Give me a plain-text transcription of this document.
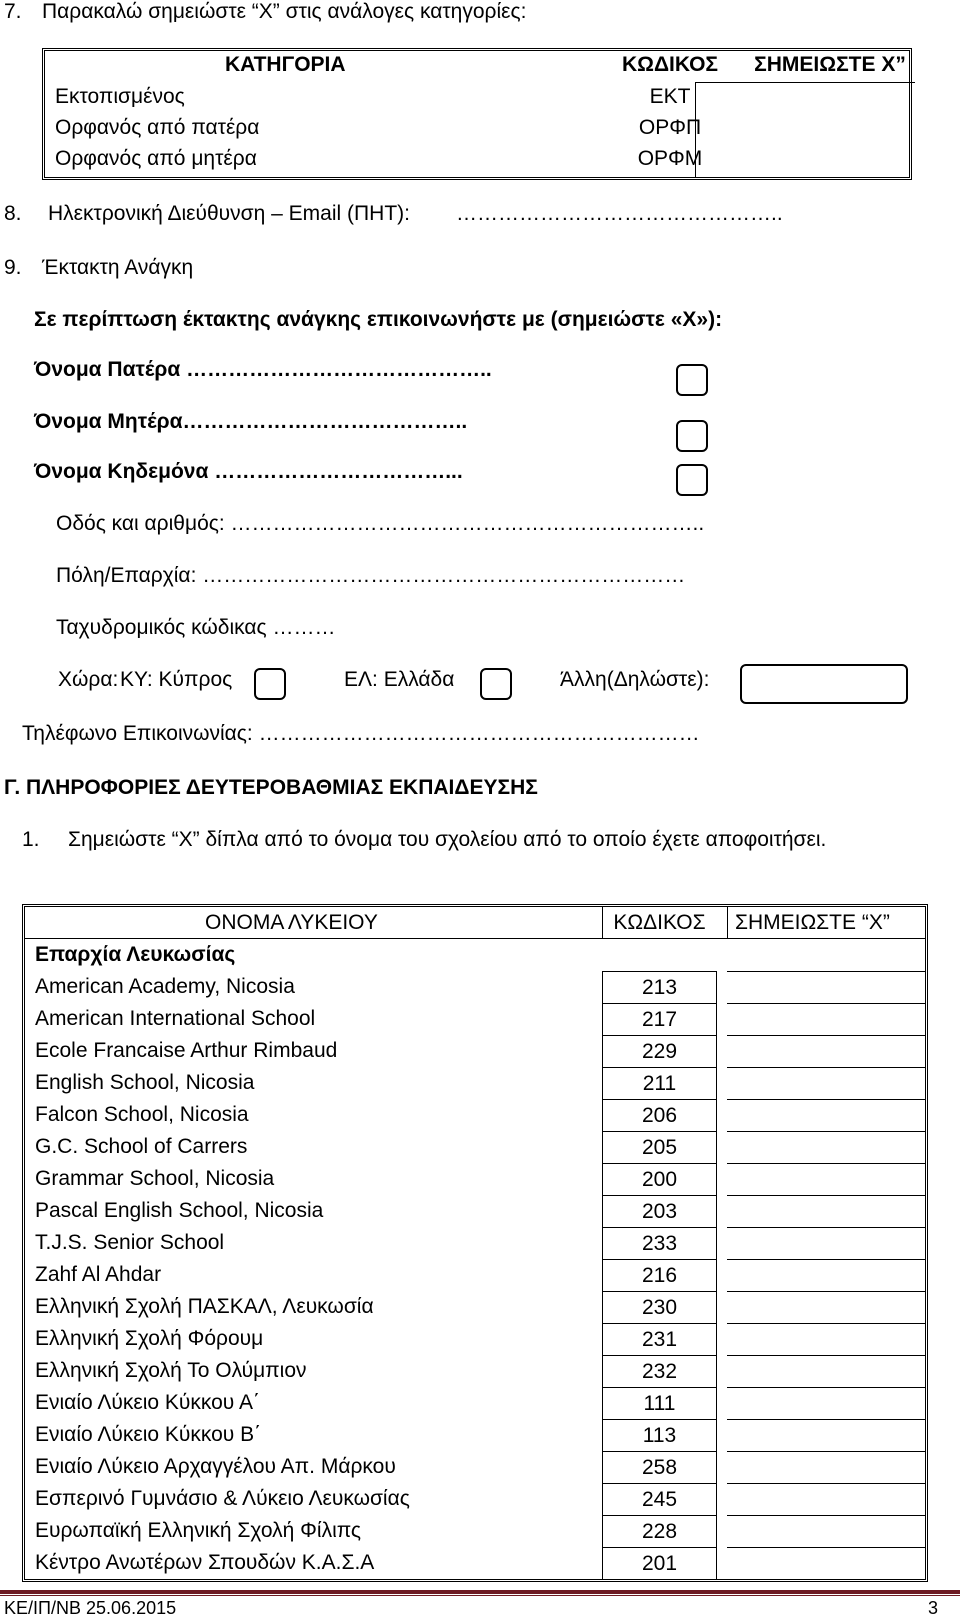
7. Παρακαλώ σημειώστε “Χ” στις ανάλογες κατηγορίες:
ΚΑΤΗΓΟΡΙΑ	ΚΩΔΙΚΟΣ	ΣΗΜΕΙΩΣΤΕ Χ”
Εκτοπισμένος	ΕΚΤ
Ορφανός από πατέρα	ΟΡΦΠ
Ορφανός από μητέρα	ΟΡΦΜ
8. Ηλεκτρονική Διεύθυνση – Email (ΠΗΤ): ………………………………………..
9. Έκτακτη Ανάγκη
Σε περίπτωση έκτακτης ανάγκης επικοινωνήστε με (σημειώστε «Χ»):
Όνομα Πατέρα ……………………………………..
Όνομα Μητέρα…………………………………..
Όνομα Κηδεμόνα ……………………………...
Οδός και αριθμός: …………………………………………………………..
Πόλη/Επαρχία: ……………………………………………………………
Ταχυδρομικός κώδικας ………
Χώρα: ΚΥ: Κύπρος	ΕΛ: Ελλάδα	Άλλη(Δηλώστε):
Τηλέφωνο Επικοινωνίας: ………………………………………………………
Γ. ΠΛΗΡΟΦΟΡΙΕΣ ΔΕΥΤΕΡΟΒΑΘΜΙΑΣ ΕΚΠΑΙΔΕΥΣΗΣ
1. Σημειώστε “Χ” δίπλα από το όνομα του σχολείου από το οποίο έχετε αποφοιτήσει.
ΟΝΟΜΑ ΛΥΚΕΙΟΥ	ΚΩΔΙΚΟΣ	ΣΗΜΕΙΩΣΤΕ “Χ”
Επαρχία Λευκωσίας
American Academy, Nicosia	213
American International School	217
Ecole Francaise Arthur Rimbaud	229
English School, Nicosia	211
Falcon School, Nicosia	206
G.C. School of Carrers	205
Grammar School, Nicosia	200
Pascal English School, Nicosia	203
T.J.S. Senior School	233
Zahf Al Ahdar	216
Ελληνική Σχολή ΠΑΣΚΑΛ, Λευκωσία	230
Ελληνική Σχολή Φόρουμ	231
Ελληνική Σχολή Το Ολύμπιον	232
Ενιαίο Λύκειο Κύκκου Α΄	111
Ενιαίο Λύκειο Κύκκου Β΄	113
Ενιαίο Λύκειο Αρχαγγέλου Απ. Μάρκου	258
Εσπερινό Γυμνάσιο & Λύκειο Λευκωσίας	245
Ευρωπαϊκή Ελληνική Σχολή Φίλιπς	228
Κέντρο Ανωτέρων Σπουδών Κ.Α.Σ.Α	201
ΚΕ/ΙΠ/ΝΒ 25.06.2015	3
